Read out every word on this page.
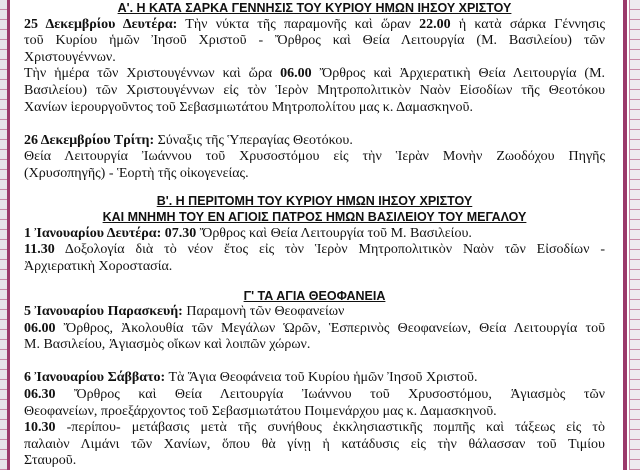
Α'. Η ΚΑΤΑ ΣΑΡΚΑ ΓΕΝΝΗΣΙΣ ΤΟΥ ΚΥΡΙΟΥ ΗΜΩΝ ΙΗΣΟΥ ΧΡΙΣΤΟΥ
25 Δεκεμβρίου Δευτέρα: Τὴν νύκτα τῆς παραμονῆς καὶ ὥραν 22.00 ἡ κατὰ σάρκα Γέννησις
τοῦ Κυρίου ἡμῶν Ἰησοῦ Χριστοῦ - Ὄρθρος καὶ Θεία Λειτουργία (Μ. Βασιλείου) τῶν
Χριστουγέννων.
Τὴν ἡμέρα τῶν Χριστουγέννων καὶ ὥρα 06.00 Ὄρθρος καὶ Ἀρχιερατικὴ Θεία Λειτουργία (Μ.
Βασιλείου) τῶν Χριστουγέννων εἰς τὸν Ἱερὸν Μητροπολιτικὸν Ναὸν Εἰσοδίων τῆς Θεοτόκου
Χανίων ἱερουργοῦντος τοῦ Σεβασμιωτάτου Μητροπολίτου μας κ. Δαμασκηνοῦ.
26 Δεκεμβρίου Τρίτη: Σύναξις τῆς Ὑπεραγίας Θεοτόκου.
Θεία Λειτουργία Ἰωάννου τοῦ Χρυσοστόμου εἰς τὴν Ἱερὰν Μονὴν Ζωοδόχου Πηγῆς
(Χρυσοπηγῆς) - Ἑορτὴ τῆς οἰκογενείας.
Β'. Η ΠΕΡΙΤΟΜΗ ΤΟΥ ΚΥΡΙΟΥ ΗΜΩΝ ΙΗΣΟΥ ΧΡΙΣΤΟΥ
ΚΑΙ ΜΝΗΜΗ ΤΟΥ ΕΝ ΑΓΙΟΙΣ ΠΑΤΡΟΣ ΗΜΩΝ ΒΑΣΙΛΕΙΟΥ ΤΟΥ ΜΕΓΑΛΟΥ
1 Ἰανουαρίου Δευτέρα: 07.30 Ὄρθρος καὶ Θεία Λειτουργία τοῦ Μ. Βασιλείου.
11.30 Δοξολογία διὰ τὸ νέον ἔτος εἰς τὸν Ἱερὸν Μητροπολιτικὸν Ναὸν τῶν Εἰσοδίων -
Ἀρχιερατικὴ Χοροστασία.
Γ' ΤΑ ΑΓΙΑ ΘΕΟΦΑΝΕΙΑ
5 Ἰανουαρίου Παρασκευή: Παραμονὴ τῶν Θεοφανείων
06.00 Ὄρθρος, Ἀκολουθία τῶν Μεγάλων Ὡρῶν, Ἑσπερινὸς Θεοφανείων, Θεία Λειτουργία τοῦ
Μ. Βασιλείου, Ἁγιασμὸς οἴκων καὶ λοιπῶν χώρων.
6 Ἰανουαρίου Σάββατο: Τὰ Ἅγια Θεοφάνεια τοῦ Κυρίου ἡμῶν Ἰησοῦ Χριστοῦ.
06.30 Ὄρθρος καὶ Θεία Λειτουργία Ἰωάννου τοῦ Χρυσοστόμου, Ἁγιασμὸς τῶν
Θεοφανείων, προεξάρχοντος τοῦ Σεβασμιωτάτου Ποιμενάρχου μας κ. Δαμασκηνοῦ.
10.30 -περίπου- μετάβασις μετὰ τῆς συνήθους ἐκκλησιαστικῆς πομπῆς καὶ τάξεως εἰς τὸ
παλαιὸν Λιμάνι τῶν Χανίων, ὅπου θὰ γίνῃ ἡ κατάδυσις εἰς τὴν θάλασσαν τοῦ Τιμίου
Σταυροῦ.
